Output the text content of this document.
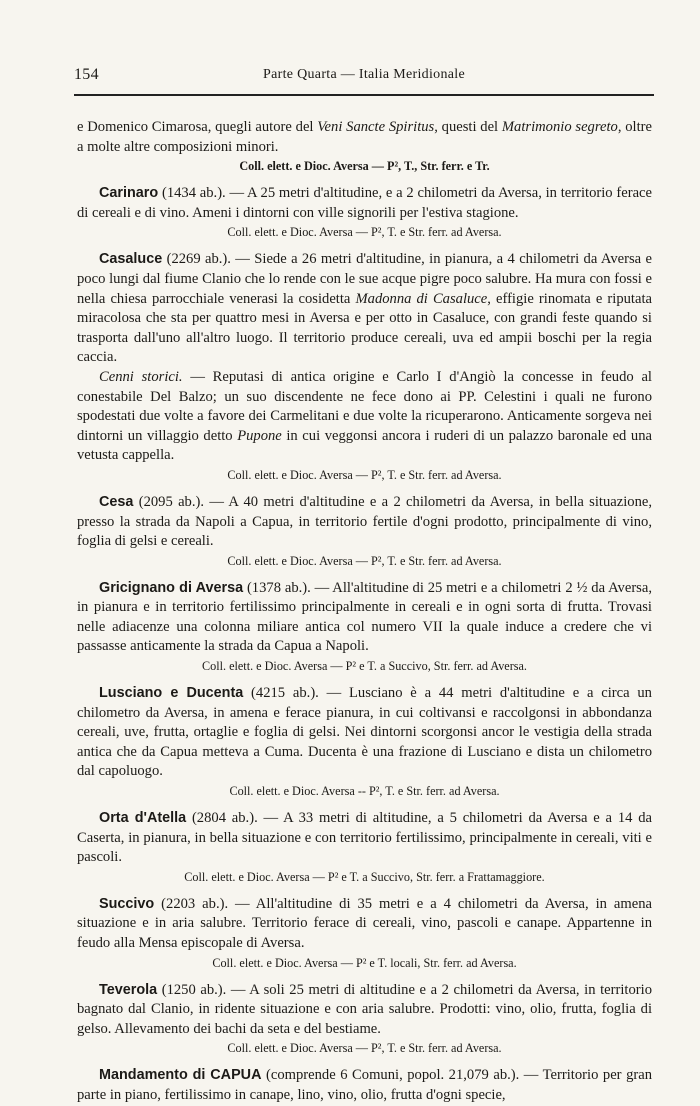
154	Parte Quarta — Italia Meridionale

e Domenico Cimarosa, quegli autore del Veni Sancte Spiritus, questi del Matrimonio segreto, oltre a molte altre composizioni minori.

Coll. elett. e Dioc. Aversa — P², T., Str. ferr. e Tr.

Carinaro (1434 ab.). — A 25 metri d'altitudine, e a 2 chilometri da Aversa, in territorio ferace di cereali e di vino. Ameni i dintorni con ville signorili per l'estiva stagione.

Coll. elett. e Dioc. Aversa — P², T. e Str. ferr. ad Aversa.

Casaluce (2269 ab.). — Siede a 26 metri d'altitudine, in pianura, a 4 chilometri da Aversa e poco lungi dal fiume Clanio che lo rende con le sue acque pigre poco salubre. Ha mura con fossi e nella chiesa parrocchiale venerasi la cosidetta Madonna di Casaluce, effigie rinomata e riputata miracolosa che sta per quattro mesi in Aversa e per otto in Casaluce, con grandi feste quando si trasporta dall'uno all'altro luogo. Il territorio produce cereali, uva ed ampii boschi per la regia caccia.

Cenni storici. — Reputasi di antica origine e Carlo I d'Angiò la concesse in feudo al conestabile Del Balzo; un suo discendente ne fece dono ai PP. Celestini i quali ne furono spodestati due volte a favore dei Carmelitani e due volte la ricuperarono. Anticamente sorgeva nei dintorni un villaggio detto Pupone in cui veggonsi ancora i ruderi di un palazzo baronale ed una vetusta cappella.

Coll. elett. e Dioc. Aversa — P², T. e Str. ferr. ad Aversa.

Cesa (2095 ab.). — A 40 metri d'altitudine e a 2 chilometri da Aversa, in bella situazione, presso la strada da Napoli a Capua, in territorio fertile d'ogni prodotto, principalmente di vino, foglia di gelsi e cereali.

Coll. elett. e Dioc. Aversa — P², T. e Str. ferr. ad Aversa.

Gricignano di Aversa (1378 ab.). — All'altitudine di 25 metri e a chilometri 2 ½ da Aversa, in pianura e in territorio fertilissimo principalmente in cereali e in ogni sorta di frutta. Trovasi nelle adiacenze una colonna miliare antica col numero VII la quale induce a credere che vi passasse anticamente la strada da Capua a Napoli.

Coll. elett. e Dioc. Aversa — P² e T. a Succivo, Str. ferr. ad Aversa.

Lusciano e Ducenta (4215 ab.). — Lusciano è a 44 metri d'altitudine e a circa un chilometro da Aversa, in amena e ferace pianura, in cui coltivansi e raccolgonsi in abbondanza cereali, uve, frutta, ortaglie e foglia di gelsi. Nei dintorni scorgonsi ancor le vestigia della strada antica che da Capua metteva a Cuma. Ducenta è una frazione di Lusciano e dista un chilometro dal capoluogo.

Coll. elett. e Dioc. Aversa -- P², T. e Str. ferr. ad Aversa.

Orta d'Atella (2804 ab.). — A 33 metri di altitudine, a 5 chilometri da Aversa e a 14 da Caserta, in pianura, in bella situazione e con territorio fertilissimo, principalmente in cereali, viti e pascoli.

Coll. elett. e Dioc. Aversa — P² e T. a Succivo, Str. ferr. a Frattamaggiore.

Succivo (2203 ab.). — All'altitudine di 35 metri e a 4 chilometri da Aversa, in amena situazione e in aria salubre. Territorio ferace di cereali, vino, pascoli e canape. Appartenne in feudo alla Mensa episcopale di Aversa.

Coll. elett. e Dioc. Aversa — P² e T. locali, Str. ferr. ad Aversa.

Teverola (1250 ab.). — A soli 25 metri di altitudine e a 2 chilometri da Aversa, in territorio bagnato dal Clanio, in ridente situazione e con aria salubre. Prodotti: vino, olio, frutta, foglia di gelso. Allevamento dei bachi da seta e del bestiame.

Coll. elett. e Dioc. Aversa — P², T. e Str. ferr. ad Aversa.

Mandamento di CAPUA (comprende 6 Comuni, popol. 21,079 ab.). — Territorio per gran parte in piano, fertilissimo in canape, lino, vino, olio, frutta d'ogni specie,
